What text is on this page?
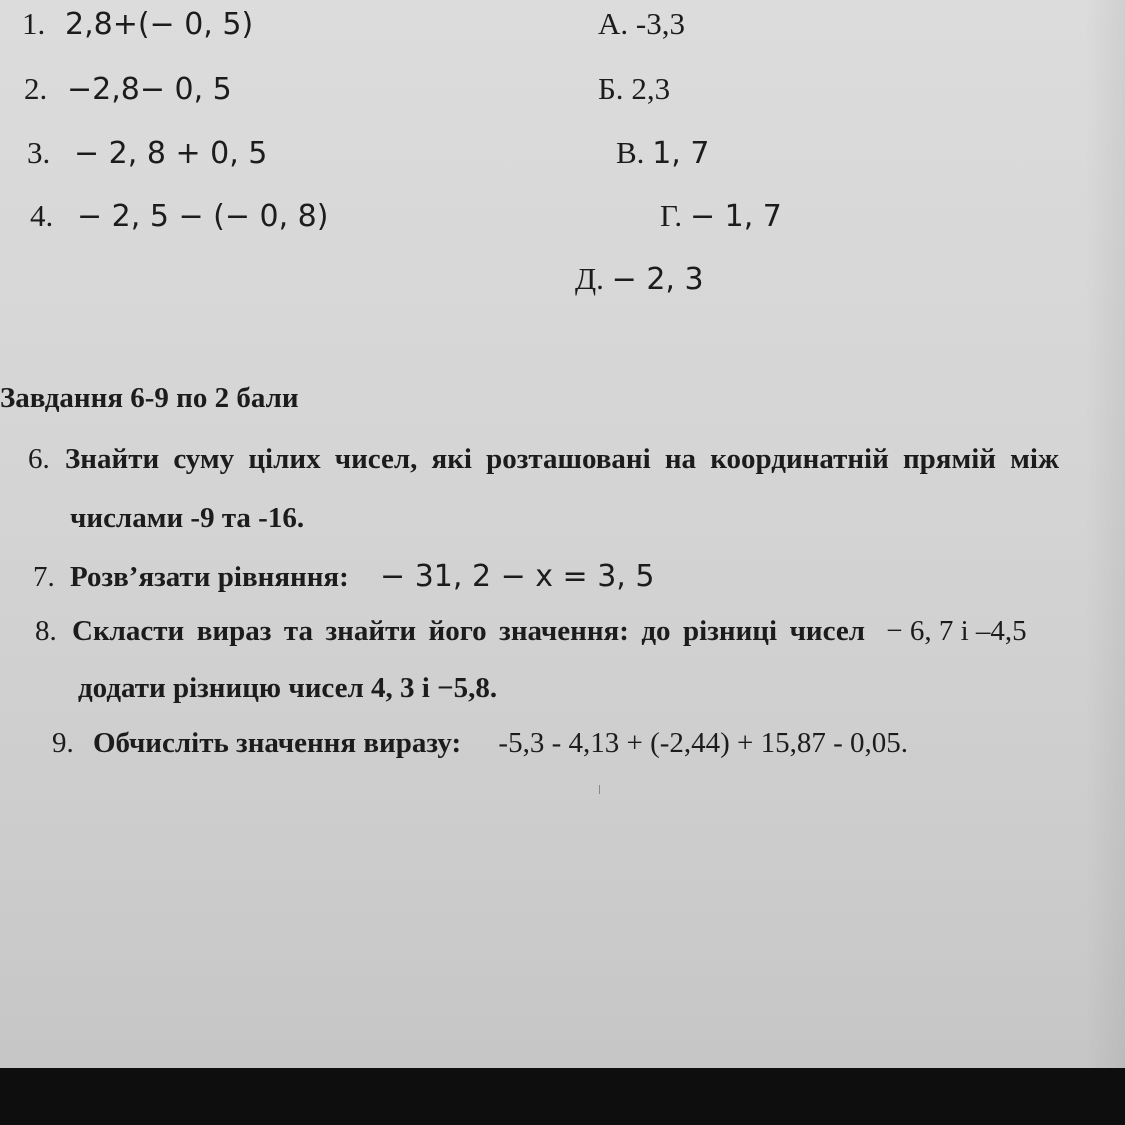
1. 2,8+(− 0, 5)
2. −2,8− 0, 5
3. − 2, 8 + 0, 5
4. − 2, 5 − (− 0, 8)
А. -3,3
Б. 2,3
В. 1, 7
Г. − 1, 7
Д. − 2, 3
Завдання 6-9 по 2 бали
6. Знайти суму цілих чисел, які розташовані на координатній прямій між
числами -9 та -16.
7. Розв’язати рівняння: − 31, 2 − x = 3, 5
8. Скласти вираз та знайти його значення: до різниці чисел − 6, 7 і –4,5
додати різницю чисел 4, 3 і −5,8.
9. Обчисліть значення виразу: -5,3 - 4,13 + (-2,44) + 15,87 - 0,05.
